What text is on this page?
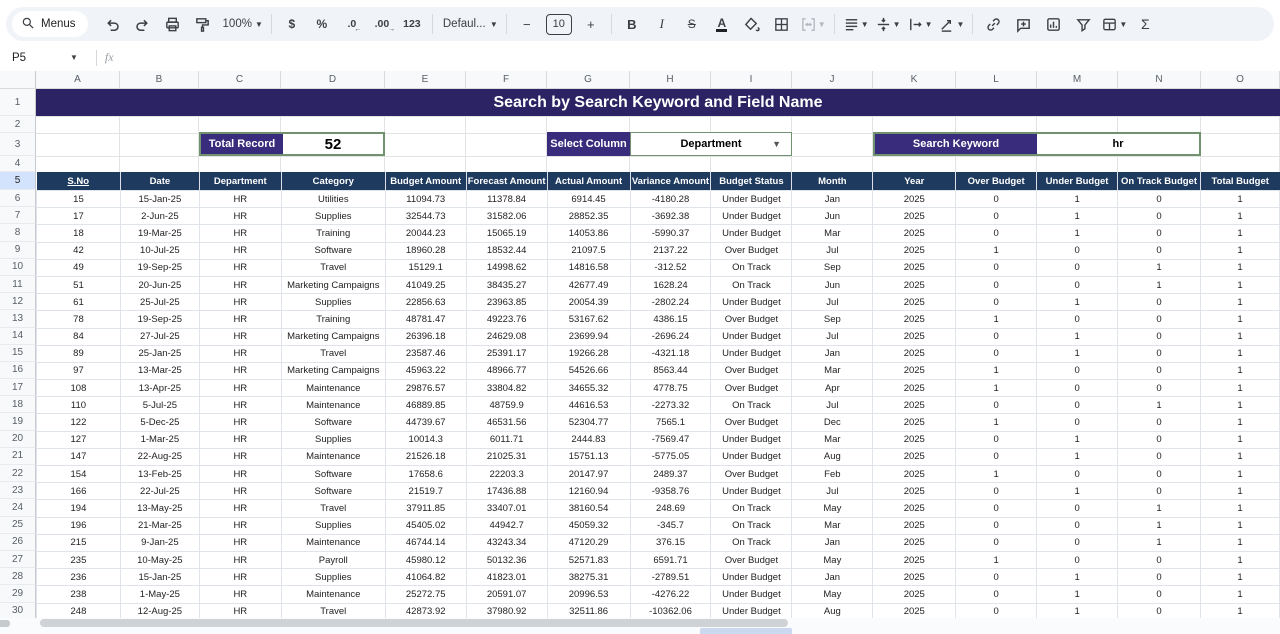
Menus	100% ▼	$	%	.0 ← .00 →	123	Defaul... ▼	−	10	+	B	I	S	A	▼	▼	▼	▼	▼	▼ Σ
P5	▼ fx
A	B	C	D	E	F	G	H	I	J	K	L	M	N	O
1
2
3
4
5
6
7
8
9
10
11
12
13
14
15
16
17
18
19
20
21
22
23
24
25
26
27
28
29
30
Search by Search Keyword and Field Name
Total Record	52	Select Column	Department	▼	Search Keyword	hr
S.No	Date	Department	Category	Budget Amount	Forecast Amount	Actual Amount	Variance Amount	Budget Status	Month	Year	Over Budget	Under Budget	On Track Budget	Total Budget
15	15-Jan-25	HR	Utilities	11094.73	11378.84	6914.45	-4180.28	Under Budget	Jan	2025	0	1	0	1
17	2-Jun-25	HR	Supplies	32544.73	31582.06	28852.35	-3692.38	Under Budget	Jun	2025	0	1	0	1
18	19-Mar-25	HR	Training	20044.23	15065.19	14053.86	-5990.37	Under Budget	Mar	2025	0	1	0	1
42	10-Jul-25	HR	Software	18960.28	18532.44	21097.5	2137.22	Over Budget	Jul	2025	1	0	0	1
49	19-Sep-25	HR	Travel	15129.1	14998.62	14816.58	-312.52	On Track	Sep	2025	0	0	1	1
51	20-Jun-25	HR	Marketing Campaigns	41049.25	38435.27	42677.49	1628.24	On Track	Jun	2025	0	0	1	1
61	25-Jul-25	HR	Supplies	22856.63	23963.85	20054.39	-2802.24	Under Budget	Jul	2025	0	1	0	1
78	19-Sep-25	HR	Training	48781.47	49223.76	53167.62	4386.15	Over Budget	Sep	2025	1	0	0	1
84	27-Jul-25	HR	Marketing Campaigns	26396.18	24629.08	23699.94	-2696.24	Under Budget	Jul	2025	0	1	0	1
89	25-Jan-25	HR	Travel	23587.46	25391.17	19266.28	-4321.18	Under Budget	Jan	2025	0	1	0	1
97	13-Mar-25	HR	Marketing Campaigns	45963.22	48966.77	54526.66	8563.44	Over Budget	Mar	2025	1	0	0	1
108	13-Apr-25	HR	Maintenance	29876.57	33804.82	34655.32	4778.75	Over Budget	Apr	2025	1	0	0	1
110	5-Jul-25	HR	Maintenance	46889.85	48759.9	44616.53	-2273.32	On Track	Jul	2025	0	0	1	1
122	5-Dec-25	HR	Software	44739.67	46531.56	52304.77	7565.1	Over Budget	Dec	2025	1	0	0	1
127	1-Mar-25	HR	Supplies	10014.3	6011.71	2444.83	-7569.47	Under Budget	Mar	2025	0	1	0	1
147	22-Aug-25	HR	Maintenance	21526.18	21025.31	15751.13	-5775.05	Under Budget	Aug	2025	0	1	0	1
154	13-Feb-25	HR	Software	17658.6	22203.3	20147.97	2489.37	Over Budget	Feb	2025	1	0	0	1
166	22-Jul-25	HR	Software	21519.7	17436.88	12160.94	-9358.76	Under Budget	Jul	2025	0	1	0	1
194	13-May-25	HR	Travel	37911.85	33407.01	38160.54	248.69	On Track	May	2025	0	0	1	1
196	21-Mar-25	HR	Supplies	45405.02	44942.7	45059.32	-345.7	On Track	Mar	2025	0	0	1	1
215	9-Jan-25	HR	Maintenance	46744.14	43243.34	47120.29	376.15	On Track	Jan	2025	0	0	1	1
235	10-May-25	HR	Payroll	45980.12	50132.36	52571.83	6591.71	Over Budget	May	2025	1	0	0	1
236	15-Jan-25	HR	Supplies	41064.82	41823.01	38275.31	-2789.51	Under Budget	Jan	2025	0	1	0	1
238	1-May-25	HR	Maintenance	25272.75	20591.07	20996.53	-4276.22	Under Budget	May	2025	0	1	0	1
248	12-Aug-25	HR	Travel	42873.92	37980.92	32511.86	-10362.06	Under Budget	Aug	2025	0	1	0	1
